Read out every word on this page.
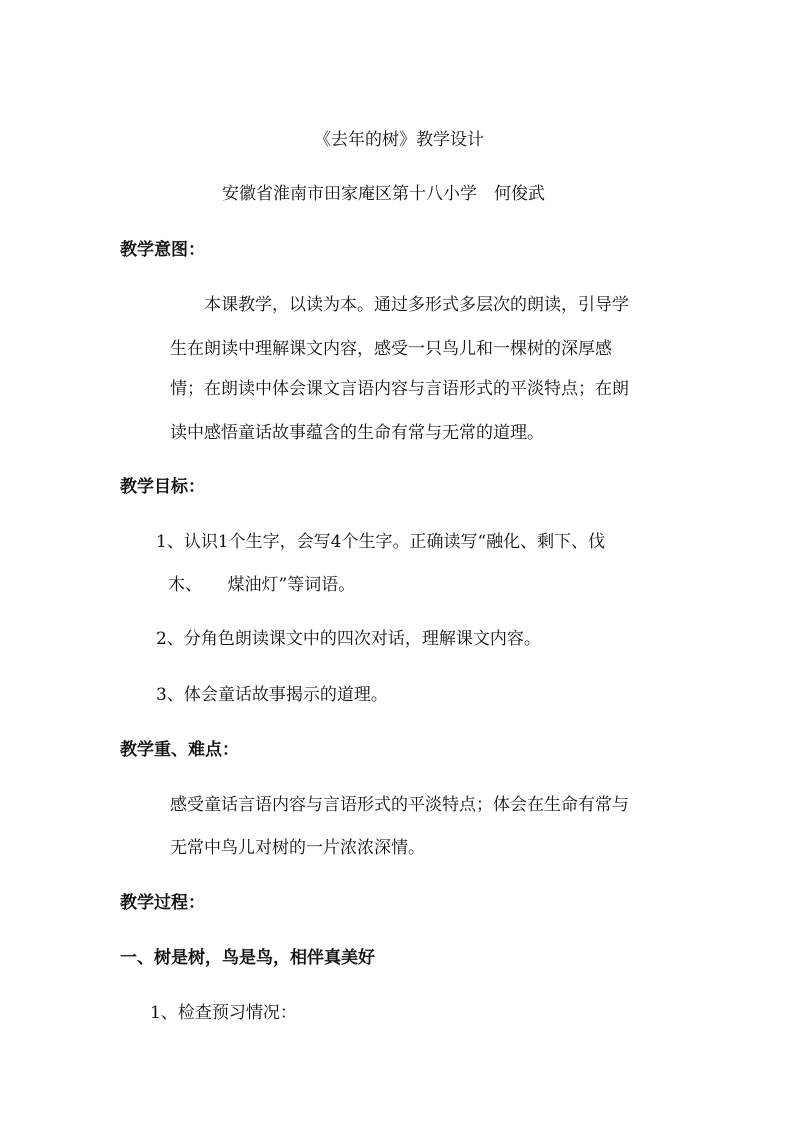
《去年的树》教学设计
安徽省淮南市田家庵区第十八小学　何俊武
教学意图：
本课教学，以读为本。通过多形式多层次的朗读，引导学
生在朗读中理解课文内容，感受一只鸟儿和一棵树的深厚感
情；在朗读中体会课文言语内容与言语形式的平淡特点；在朗
读中感悟童话故事蕴含的生命有常与无常的道理。
教学目标：
1、认识1个生字，会写4个生字。正确读写“融化、剩下、伐
木、　　煤油灯”等词语。
2、分角色朗读课文中的四次对话，理解课文内容。
3、体会童话故事揭示的道理。
教学重、难点：
感受童话言语内容与言语形式的平淡特点；体会在生命有常与
无常中鸟儿对树的一片浓浓深情。
教学过程：
一、树是树，鸟是鸟，相伴真美好
1、检查预习情况：
